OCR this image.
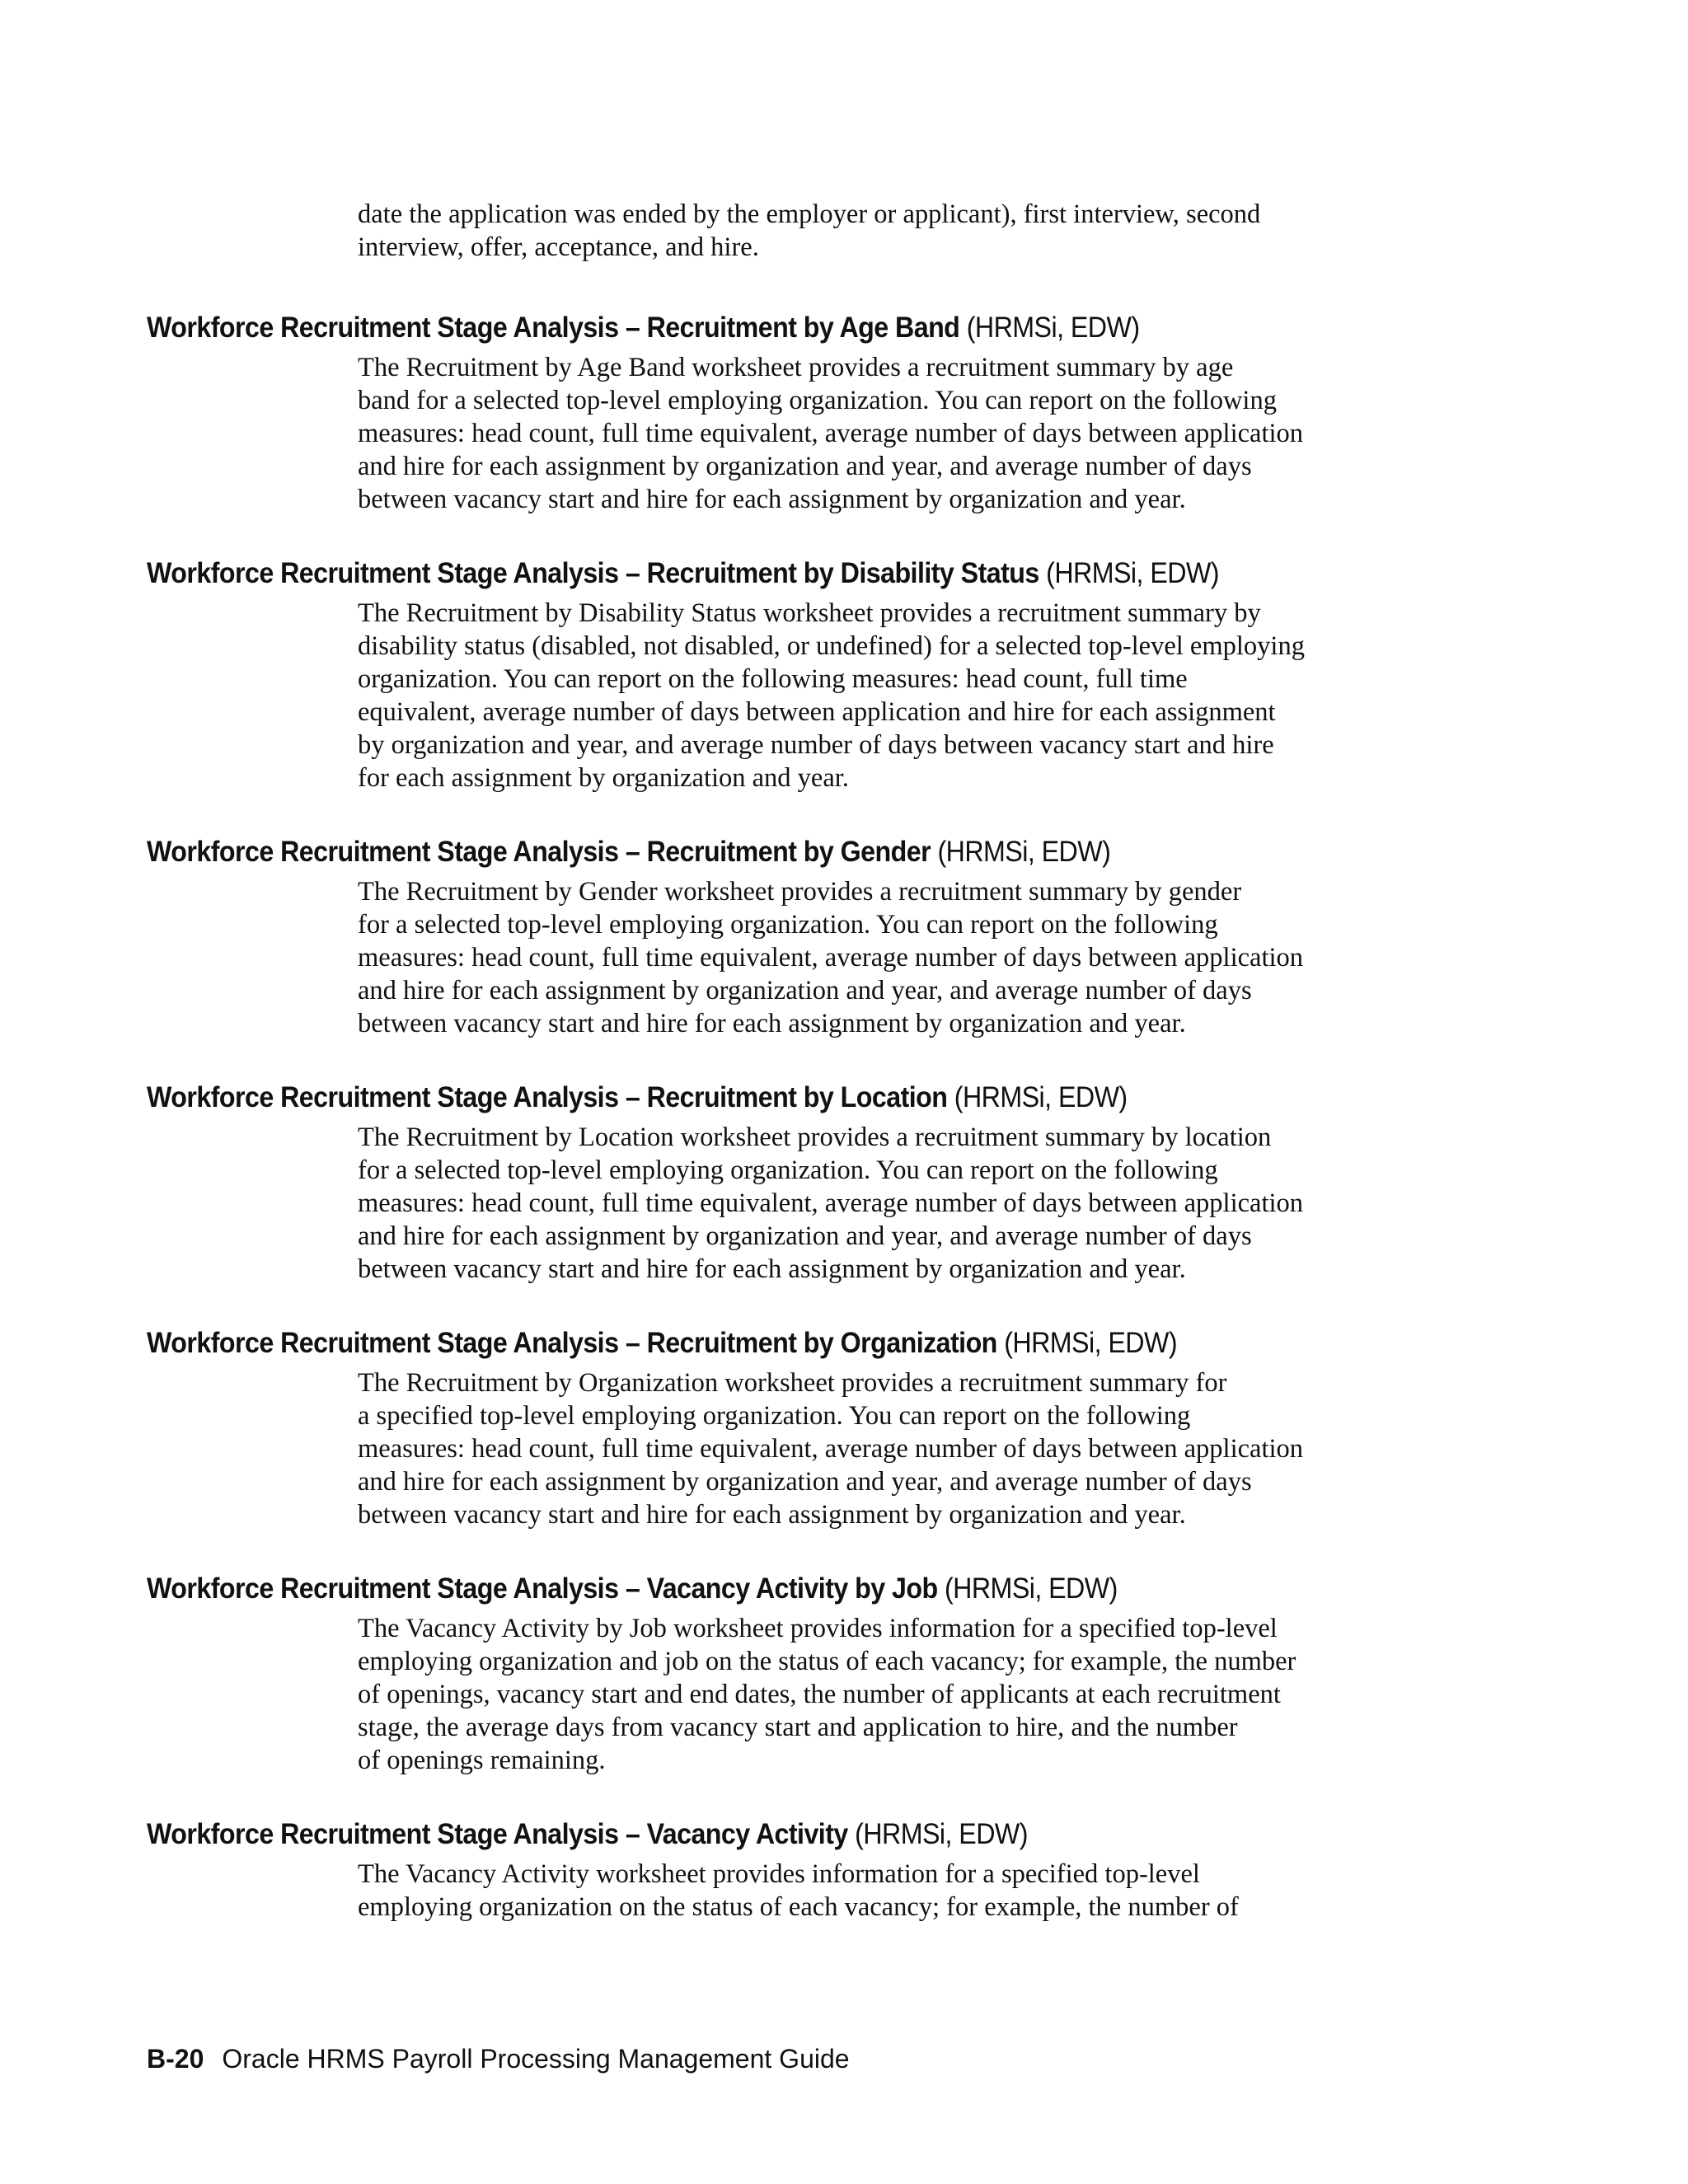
date the application was ended by the employer or applicant), first interview, second
interview, offer, acceptance, and hire.

Workforce Recruitment Stage Analysis – Recruitment by Age Band (HRMSi, EDW)

The Recruitment by Age Band worksheet provides a recruitment summary by age
band for a selected top-level employing organization. You can report on the following
measures: head count, full time equivalent, average number of days between application
and hire for each assignment by organization and year, and average number of days
between vacancy start and hire for each assignment by organization and year.

Workforce Recruitment Stage Analysis – Recruitment by Disability Status (HRMSi, EDW)

The Recruitment by Disability Status worksheet provides a recruitment summary by
disability status (disabled, not disabled, or undefined) for a selected top-level employing
organization. You can report on the following measures: head count, full time
equivalent, average number of days between application and hire for each assignment
by organization and year, and average number of days between vacancy start and hire
for each assignment by organization and year.

Workforce Recruitment Stage Analysis – Recruitment by Gender (HRMSi, EDW)

The Recruitment by Gender worksheet provides a recruitment summary by gender
for a selected top-level employing organization. You can report on the following
measures: head count, full time equivalent, average number of days between application
and hire for each assignment by organization and year, and average number of days
between vacancy start and hire for each assignment by organization and year.

Workforce Recruitment Stage Analysis – Recruitment by Location (HRMSi, EDW)

The Recruitment by Location worksheet provides a recruitment summary by location
for a selected top-level employing organization. You can report on the following
measures: head count, full time equivalent, average number of days between application
and hire for each assignment by organization and year, and average number of days
between vacancy start and hire for each assignment by organization and year.

Workforce Recruitment Stage Analysis – Recruitment by Organization (HRMSi, EDW)

The Recruitment by Organization worksheet provides a recruitment summary for
a specified top-level employing organization. You can report on the following
measures: head count, full time equivalent, average number of days between application
and hire for each assignment by organization and year, and average number of days
between vacancy start and hire for each assignment by organization and year.

Workforce Recruitment Stage Analysis – Vacancy Activity by Job (HRMSi, EDW)

The Vacancy Activity by Job worksheet provides information for a specified top-level
employing organization and job on the status of each vacancy; for example, the number
of openings, vacancy start and end dates, the number of applicants at each recruitment
stage, the average days from vacancy start and application to hire, and the number
of openings remaining.

Workforce Recruitment Stage Analysis – Vacancy Activity (HRMSi, EDW)

The Vacancy Activity worksheet provides information for a specified top-level
employing organization on the status of each vacancy; for example, the number of

B-20 Oracle HRMS Payroll Processing Management Guide
